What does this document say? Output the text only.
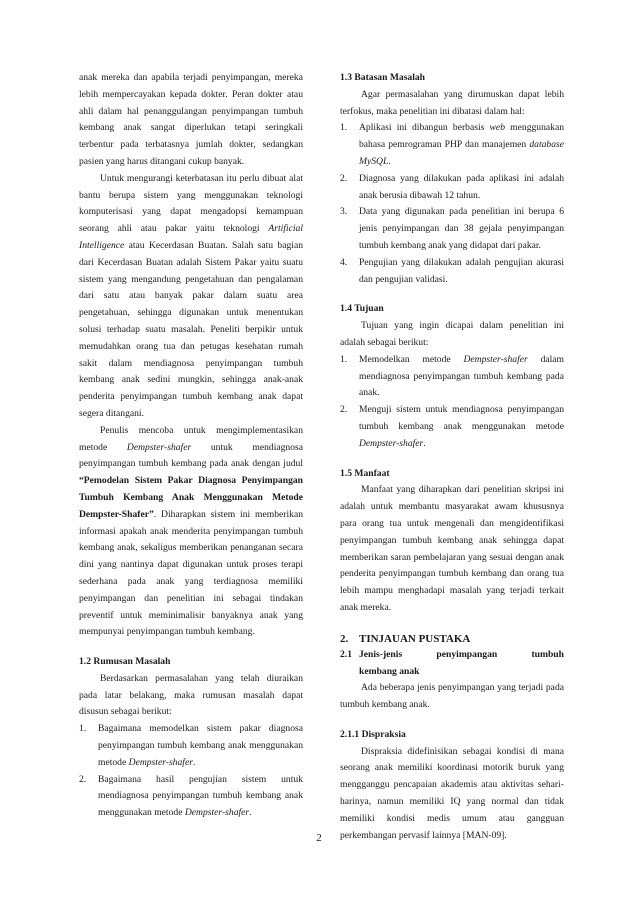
anak mereka dan apabila terjadi penyimpangan, mereka lebih mempercayakan kepada dokter. Peran dokter atau ahli dalam hal penanggulangan penyimpangan tumbuh kembang anak sangat diperlukan tetapi seringkali terbentur pada terbatasnya jumlah dokter, sedangkan pasien yang harus ditangani cukup banyak.

Untuk mengurangi keterbatasan itu perlu dibuat alat bantu berupa sistem yang menggunakan teknologi komputerisasi yang dapat mengadopsi kemampuan seorang ahli atau pakar yaitu teknologi Artificial Intelligence atau Kecerdasan Buatan. Salah satu bagian dari Kecerdasan Buatan adalah Sistem Pakar yaitu suatu sistem yang mengandung pengetahuan dan pengalaman dari satu atau banyak pakar dalam suatu area pengetahuan, sehingga digunakan untuk menentukan solusi terhadap suatu masalah. Peneliti berpikir untuk memudahkan orang tua dan petugas kesehatan rumah sakit dalam mendiagnosa penyimpangan tumbuh kembang anak sedini mungkin, sehingga anak-anak penderita penyimpangan tumbuh kembang anak dapat segera ditangani.

Penulis mencoba untuk mengimplementasikan metode Dempster-shafer untuk mendiagnosa penyimpangan tumbuh kembang pada anak dengan judul “Pemodelan Sistem Pakar Diagnosa Penyimpangan Tumbuh Kembang Anak Menggunakan Metode Dempster-Shafer”. Diharapkan sistem ini memberikan informasi apakah anak menderita penyimpangan tumbuh kembang anak, sekaligus memberikan penanganan secara dini yang nantinya dapat digunakan untuk proses terapi sederhana pada anak yang terdiagnosa memiliki penyimpangan dan penelitian ini sebagai tindakan preventif untuk meminimalisir banyaknya anak yang mempunyai penyimpangan tumbuh kembang.

1.2 Rumusan Masalah

Berdasarkan permasalahan yang telah diuraikan pada latar belakang, maka rumusan masalah dapat disusun sebagai berikut:

1.	Bagaimana memodelkan sistem pakar diagnosa penyimpangan tumbuh kembang anak menggunakan metode Dempster-shafer.
2.	Bagaimana hasil pengujian sistem untuk mendiagnosa penyimpangan tumbuh kembang anak menggunakan metode Dempster-shafer.
1.3 Batasan Masalah

Agar permasalahan yang dirumuskan dapat lebih terfokus, maka penelitian ini dibatasi dalam hal:

1.	Aplikasi ini dibangun berbasis web menggunakan bahasa pemrograman PHP dan manajemen database MySQL.
2.	Diagnosa yang dilakukan pada aplikasi ini adalah anak berusia dibawah 12 tahun.
3.	Data yang digunakan pada penelitian ini berupa 6 jenis penyimpangan dan 38 gejala penyimpangan tumbuh kembang anak yang didapat dari pakar.
4.	Pengujian yang dilakukan adalah pengujian akurasi dan pengujian validasi.
1.4 Tujuan

Tujuan yang ingin dicapai dalam penelitian ini adalah sebagai berikut:

1.	Memodelkan metode Dempster-shafer dalam mendiagnosa penyimpangan tumbuh kembang pada anak.
2.	Menguji sistem untuk mendiagnosa penyimpangan tumbuh kembang anak menggunakan metode Dempster-shafer.
1.5 Manfaat

Manfaat yang diharapkan dari penelitian skripsi ini adalah untuk membantu masyarakat awam khususnya para orang tua untuk mengenali dan mengidentifikasi penyimpangan tumbuh kembang anak sehingga dapat memberikan saran pembelajaran yang sesuai dengan anak penderita penyimpangan tumbuh kembang dan orang tua lebih mampu menghadapi masalah yang terjadi terkait anak mereka.

2. TINJAUAN PUSTAKA
2.1 Jenis-jenis	penyimpangan	tumbuh
kembang anak

Ada beberapa jenis penyimpangan yang terjadi pada tumbuh kembang anak.

2.1.1 Dispraksia

Dispraksia didefinisikan sebagai kondisi di mana seorang anak memiliki koordinasi motorik buruk yang mengganggu pencapaian akademis atau aktivitas sehari-harinya, namun memiliki IQ yang normal dan tidak memiliki kondisi medis umum atau gangguan perkembangan pervasif lainnya [MAN-09].

2
